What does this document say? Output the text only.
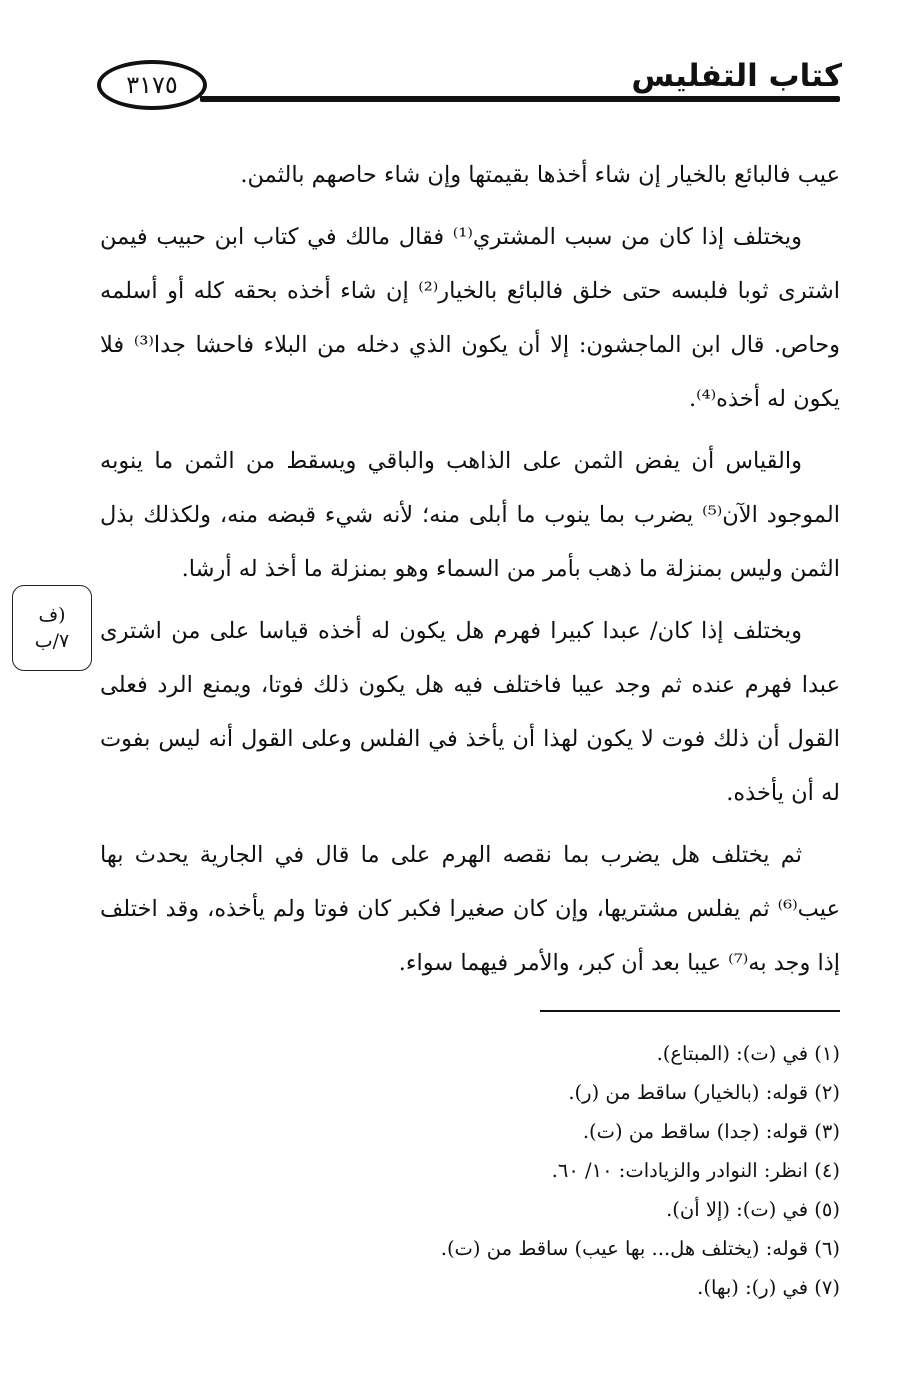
كتاب التفليس
٣١٧٥

عيب فالبائع بالخيار إن شاء أخذها بقيمتها وإن شاء حاصهم بالثمن.

ويختلف إذا كان من سبب المشتري⁽¹⁾ فقال مالك في كتاب ابن حبيب فيمن اشترى ثوبا فلبسه حتى خلق فالبائع بالخيار⁽²⁾ إن شاء أخذه بحقه كله أو أسلمه وحاص. قال ابن الماجشون: إلا أن يكون الذي دخله من البلاء فاحشا جدا⁽³⁾ فلا يكون له أخذه⁽⁴⁾.

والقياس أن يفض الثمن على الذاهب والباقي ويسقط من الثمن ما ينوبه الموجود الآن⁽⁵⁾ يضرب بما ينوب ما أبلى منه؛ لأنه شيء قبضه منه، ولكذلك بذل الثمن وليس بمنزلة ما ذهب بأمر من السماء وهو بمنزلة ما أخذ له أرشا.

ويختلف إذا كان/ عبدا كبيرا فهرم هل يكون له أخذه قياسا على من اشترى عبدا فهرم عنده ثم وجد عيبا فاختلف فيه هل يكون ذلك فوتا، ويمنع الرد فعلى القول أن ذلك فوت لا يكون لهذا أن يأخذ في الفلس وعلى القول أنه ليس بفوت له أن يأخذه.

ثم يختلف هل يضرب بما نقصه الهرم على ما قال في الجارية يحدث بها عيب⁽⁶⁾ ثم يفلس مشتريها، وإن كان صغيرا فكبر كان فوتا ولم يأخذه، وقد اختلف إذا وجد به⁽⁷⁾ عيبا بعد أن كبر، والأمر فيهما سواء.

(ف
٧/ب
(١) في (ت): (المبتاع).
(٢) قوله: (بالخيار) ساقط من (ر).
(٣) قوله: (جدا) ساقط من (ت).
(٤) انظر: النوادر والزيادات: ١٠/ ٦٠.
(٥) في (ت): (إلا أن).
(٦) قوله: (يختلف هل... بها عيب) ساقط من (ت).
(٧) في (ر): (بها).
